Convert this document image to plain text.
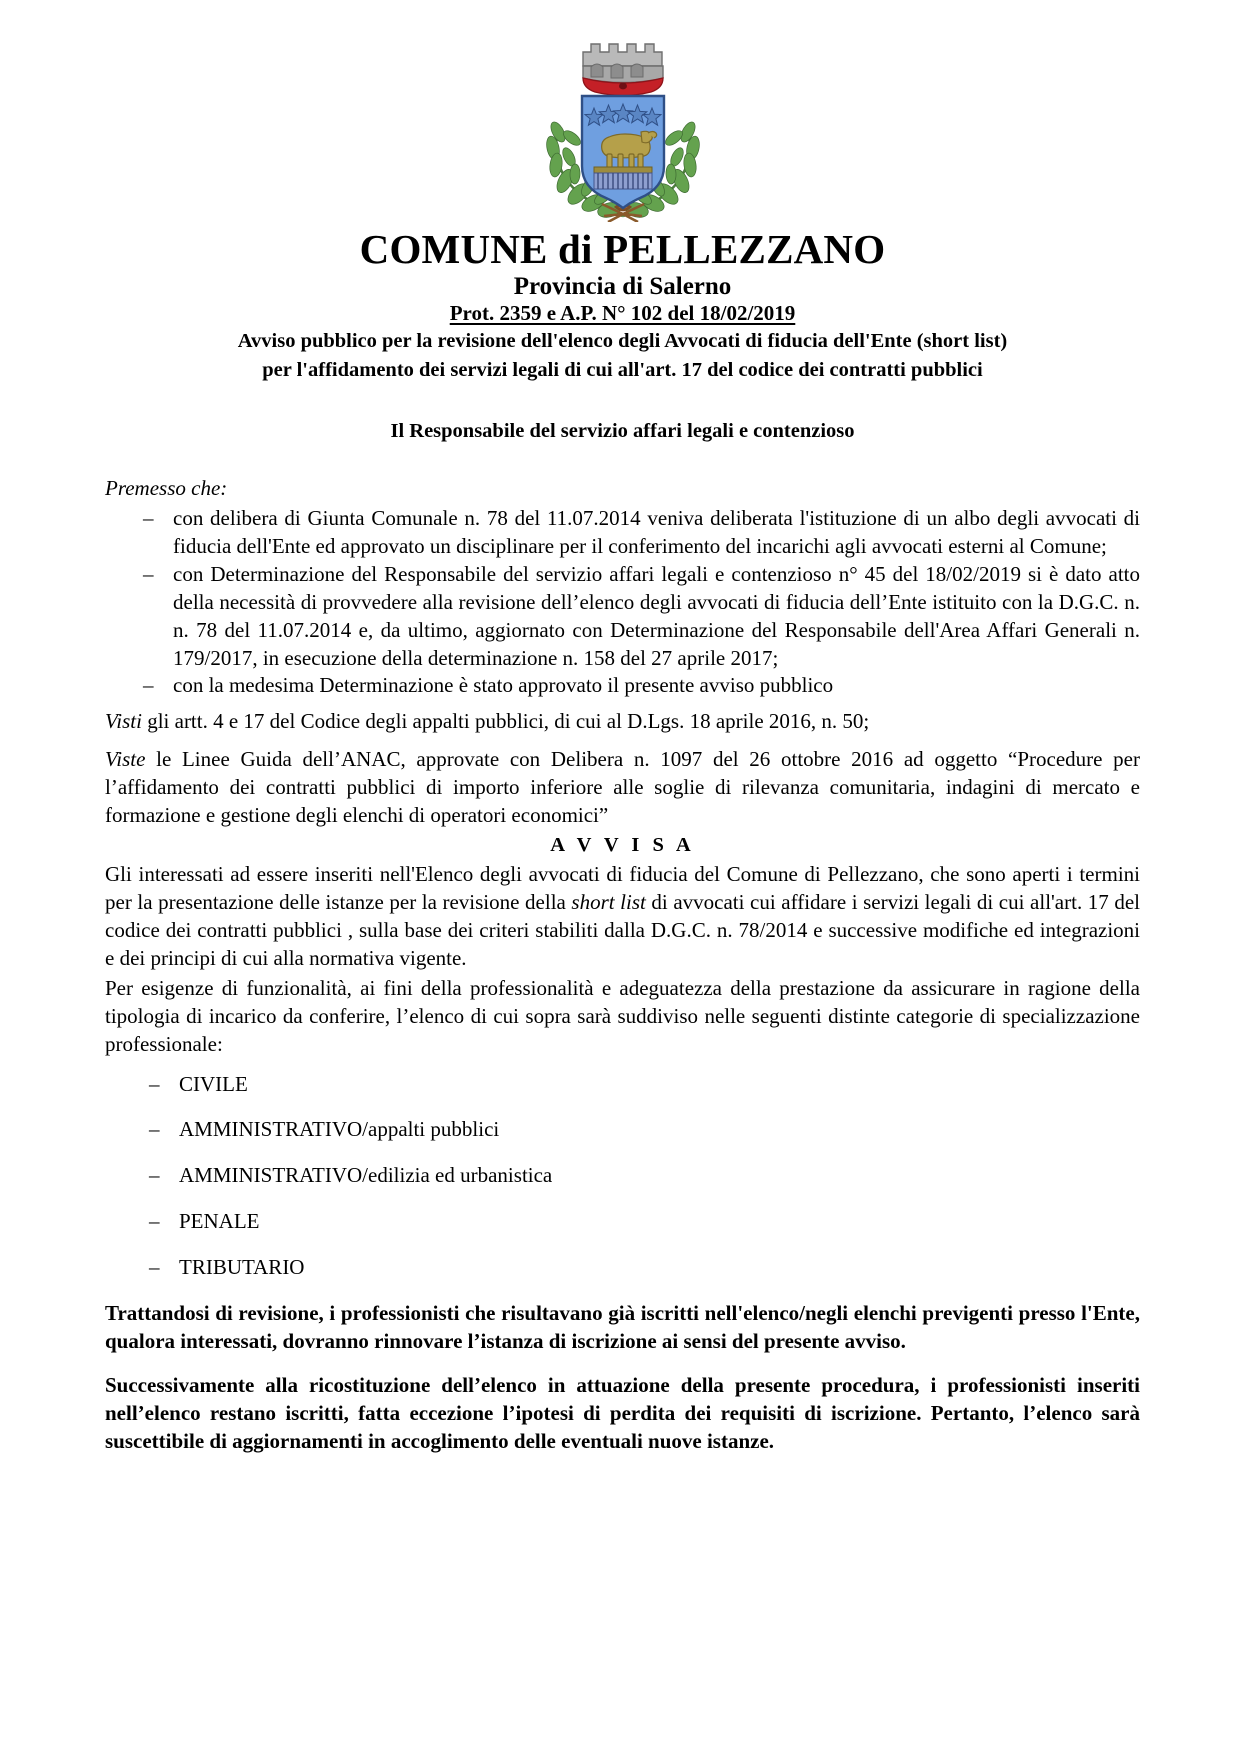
COMUNE di PELLEZZANO
Provincia di Salerno
Prot. 2359 e A.P. N° 102 del 18/02/2019
Avviso pubblico per la revisione dell'elenco degli Avvocati di fiducia dell'Ente (short list)
per l'affidamento dei servizi legali di cui all'art. 17 del codice dei contratti pubblici
Il Responsabile del servizio affari legali e contenzioso

Premesso che:

– con delibera di Giunta Comunale n. 78 del 11.07.2014 veniva deliberata l'istituzione di un albo degli avvocati di fiducia dell'Ente ed approvato un disciplinare per il conferimento del incarichi agli avvocati esterni al Comune;
– con Determinazione del Responsabile del servizio affari legali e contenzioso n° 45 del 18/02/2019 si è dato atto della necessità di provvedere alla revisione dell’elenco degli avvocati di fiducia dell’Ente istituito con la D.G.C. n. n. 78 del 11.07.2014 e, da ultimo, aggiornato con Determinazione del Responsabile dell'Area Affari Generali n. 179/2017, in esecuzione della determinazione n. 158 del 27 aprile 2017;
– con la medesima Determinazione è stato approvato il presente avviso pubblico

Visti gli artt. 4 e 17 del Codice degli appalti pubblici, di cui al D.Lgs. 18 aprile 2016, n. 50;

Viste le Linee Guida dell’ANAC, approvate con Delibera n. 1097 del 26 ottobre 2016 ad oggetto “Procedure per l’affidamento dei contratti pubblici di importo inferiore alle soglie di rilevanza comunitaria, indagini di mercato e formazione e gestione degli elenchi di operatori economici”

A V V I S A

Gli interessati ad essere inseriti nell'Elenco degli avvocati di fiducia del Comune di Pellezzano, che sono aperti i termini per la presentazione delle istanze per la revisione della short list di avvocati cui affidare i servizi legali di cui all'art. 17 del codice dei contratti pubblici , sulla base dei criteri stabiliti dalla D.G.C. n. 78/2014 e successive modifiche ed integrazioni e dei principi di cui alla normativa vigente.

Per esigenze di funzionalità, ai fini della professionalità e adeguatezza della prestazione da assicurare in ragione della tipologia di incarico da conferire, l’elenco di cui sopra sarà suddiviso nelle seguenti distinte categorie di specializzazione professionale:

– CIVILE
– AMMINISTRATIVO/appalti pubblici
– AMMINISTRATIVO/edilizia ed urbanistica
– PENALE
– TRIBUTARIO

Trattandosi di revisione, i professionisti che risultavano già iscritti nell'elenco/negli elenchi previgenti presso l'Ente, qualora interessati, dovranno rinnovare l’istanza di iscrizione ai sensi del presente avviso.

Successivamente alla ricostituzione dell’elenco in attuazione della presente procedura, i professionisti inseriti nell’elenco restano iscritti, fatta eccezione l’ipotesi di perdita dei requisiti di iscrizione. Pertanto, l’elenco sarà suscettibile di aggiornamenti in accoglimento delle eventuali nuove istanze.
